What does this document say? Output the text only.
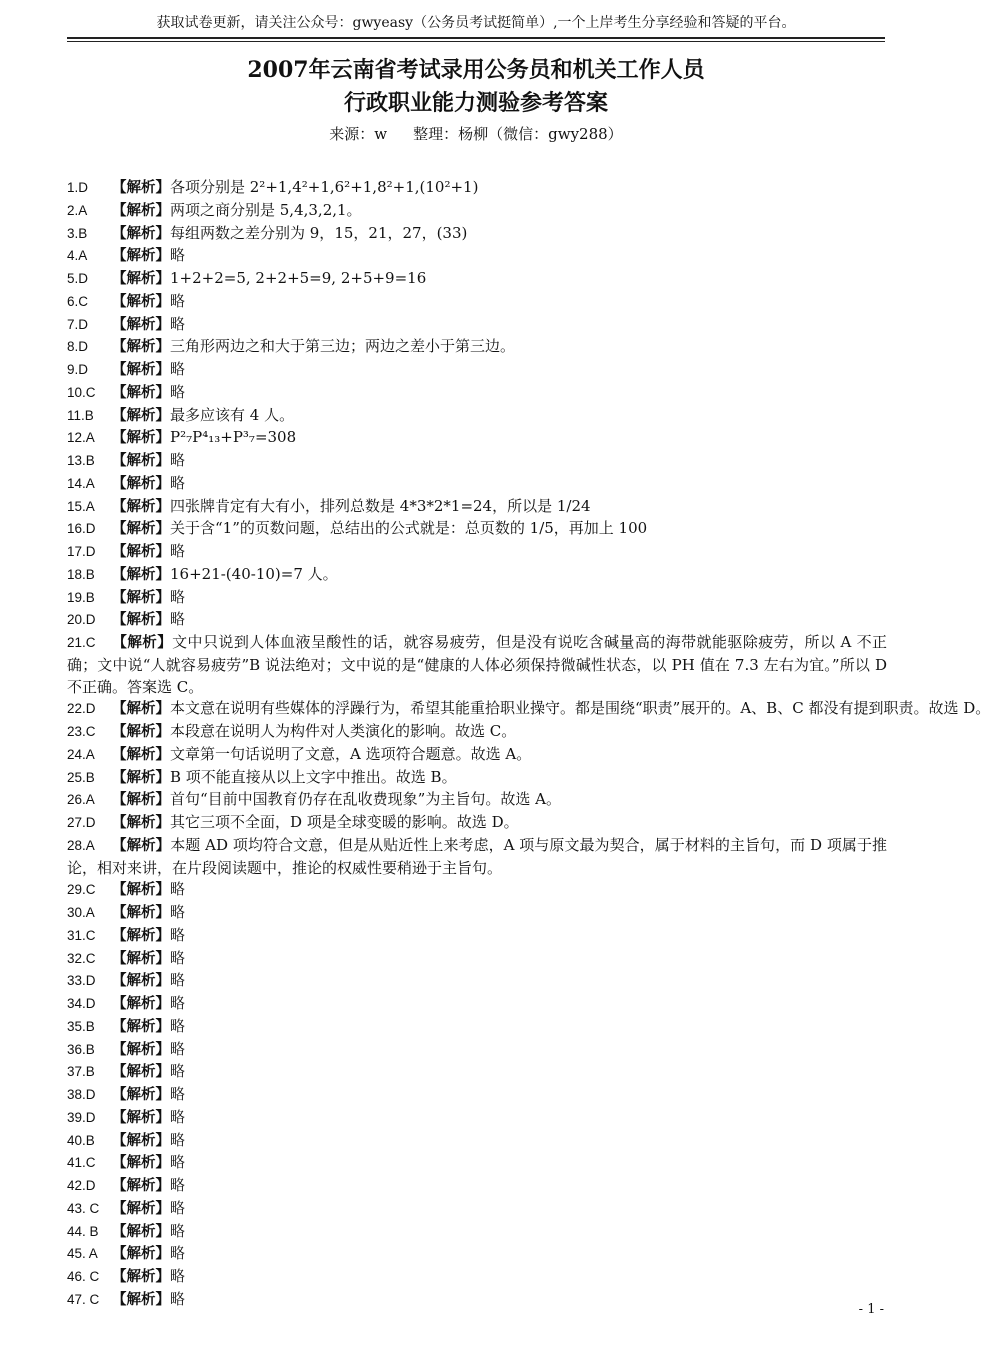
获取试卷更新，请关注公众号：gwyeasy（公务员考试挺简单）,一个上岸考生分享经验和答疑的平台。
2007年云南省考试录用公务员和机关工作人员
行政职业能力测验参考答案
来源：w 整理：杨柳（微信：gwy288）
1.D 【解析】各项分别是 2²+1,4²+1,6²+1,8²+1,(10²+1)
2.A 【解析】两项之商分别是 5,4,3,2,1。
3.B 【解析】每组两数之差分别为 9，15，21，27，(33)
4.A 【解析】略
5.D 【解析】1+2+2=5, 2+2+5=9, 2+5+9=16
6.C 【解析】略
7.D 【解析】略
8.D 【解析】三角形两边之和大于第三边；两边之差小于第三边。
9.D 【解析】略
10.C 【解析】略
11.B 【解析】最多应该有 4 人。
12.A 【解析】P²₇P⁴₁₃+P³₇=308
13.B 【解析】略
14.A 【解析】略
15.A 【解析】四张牌肯定有大有小，排列总数是 4*3*2*1=24，所以是 1/24
16.D 【解析】关于含“1”的页数问题，总结出的公式就是：总页数的 1/5，再加上 100
17.D 【解析】略
18.B 【解析】16+21-(40-10)=7 人。
19.B 【解析】略
20.D 【解析】略
21.C 【解析】文中只说到人体血液呈酸性的话，就容易疲劳，但是没有说吃含碱量高的海带就能驱除疲劳，所以 A 不正确；文中说“人就容易疲劳”B 说法绝对；文中说的是“健康的人体必须保持微碱性状态，以 PH 值在 7.3 左右为宜。”所以 D 不正确。答案选 C。
22.D 【解析】本文意在说明有些媒体的浮躁行为，希望其能重拾职业操守。都是围绕“职责”展开的。A、B、C 都没有提到职责。故选 D。
23.C 【解析】本段意在说明人为构件对人类演化的影响。故选 C。
24.A 【解析】文章第一句话说明了文意，A 选项符合题意。故选 A。
25.B 【解析】B 项不能直接从以上文字中推出。故选 B。
26.A 【解析】首句“目前中国教育仍存在乱收费现象”为主旨句。故选 A。
27.D 【解析】其它三项不全面，D 项是全球变暖的影响。故选 D。
28.A 【解析】本题 AD 项均符合文意，但是从贴近性上来考虑，A 项与原文最为契合，属于材料的主旨句，而 D 项属于推论，相对来讲，在片段阅读题中，推论的权威性要稍逊于主旨句。
29.C 【解析】略
30.A 【解析】略
31.C 【解析】略
32.C 【解析】略
33.D 【解析】略
34.D 【解析】略
35.B 【解析】略
36.B 【解析】略
37.B 【解析】略
38.D 【解析】略
39.D 【解析】略
40.B 【解析】略
41.C 【解析】略
42.D 【解析】略
43. C 【解析】略
44. B 【解析】略
45. A 【解析】略
46. C 【解析】略
47. C 【解析】略
- 1 -
